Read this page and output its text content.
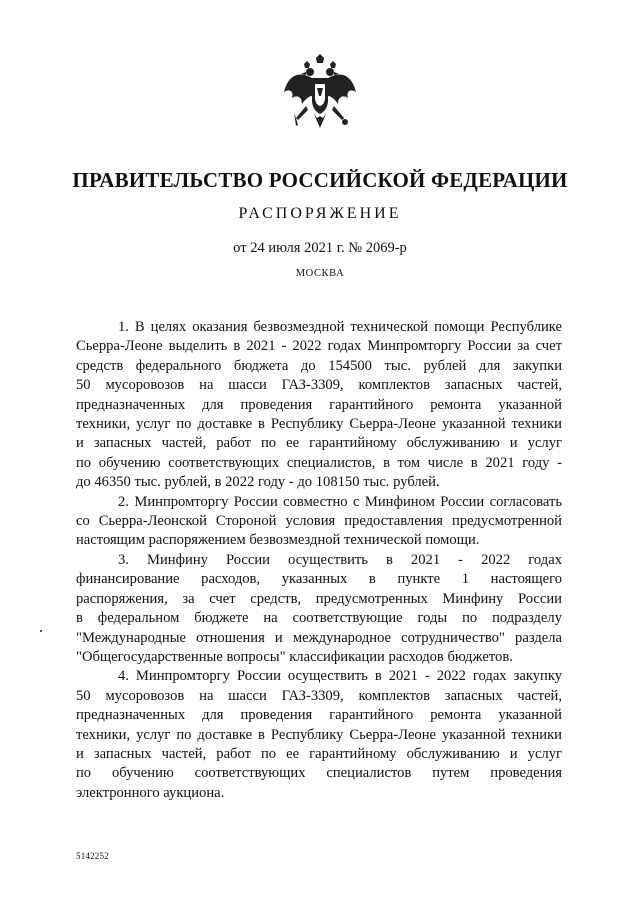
ПРАВИТЕЛЬСТВО РОССИЙСКОЙ ФЕДЕРАЦИИ
РАСПОРЯЖЕНИЕ
от 24 июля 2021 г. № 2069-р
МОСКВА
1. В целях оказания безвозмездной технической помощи Республике
Сьерра-Леоне выделить в 2021 - 2022 годах Минпромторгу России за счет
средств федерального бюджета до 154500 тыс. рублей для закупки
50 мусоровозов на шасси ГАЗ-3309, комплектов запасных частей,
предназначенных для проведения гарантийного ремонта указанной
техники, услуг по доставке в Республику Сьерра-Леоне указанной техники
и запасных частей, работ по ее гарантийному обслуживанию и услуг
по обучению соответствующих специалистов, в том числе в 2021 году -
до 46350 тыс. рублей, в 2022 году - до 108150 тыс. рублей.
2. Минпромторгу России совместно с Минфином России согласовать
со Сьерра-Леонской Стороной условия предоставления предусмотренной
настоящим распоряжением безвозмездной технической помощи.
3. Минфину России осуществить в 2021 - 2022 годах
финансирование расходов, указанных в пункте 1 настоящего
распоряжения, за счет средств, предусмотренных Минфину России
в федеральном бюджете на соответствующие годы по подразделу
"Международные отношения и международное сотрудничество" раздела
"Общегосударственные вопросы" классификации расходов бюджетов.
4. Минпромторгу России осуществить в 2021 - 2022 годах закупку
50 мусоровозов на шасси ГАЗ-3309, комплектов запасных частей,
предназначенных для проведения гарантийного ремонта указанной
техники, услуг по доставке в Республику Сьерра-Леоне указанной техники
и запасных частей, работ по ее гарантийному обслуживанию и услуг
по обучению соответствующих специалистов путем проведения
электронного аукциона.
5142252
